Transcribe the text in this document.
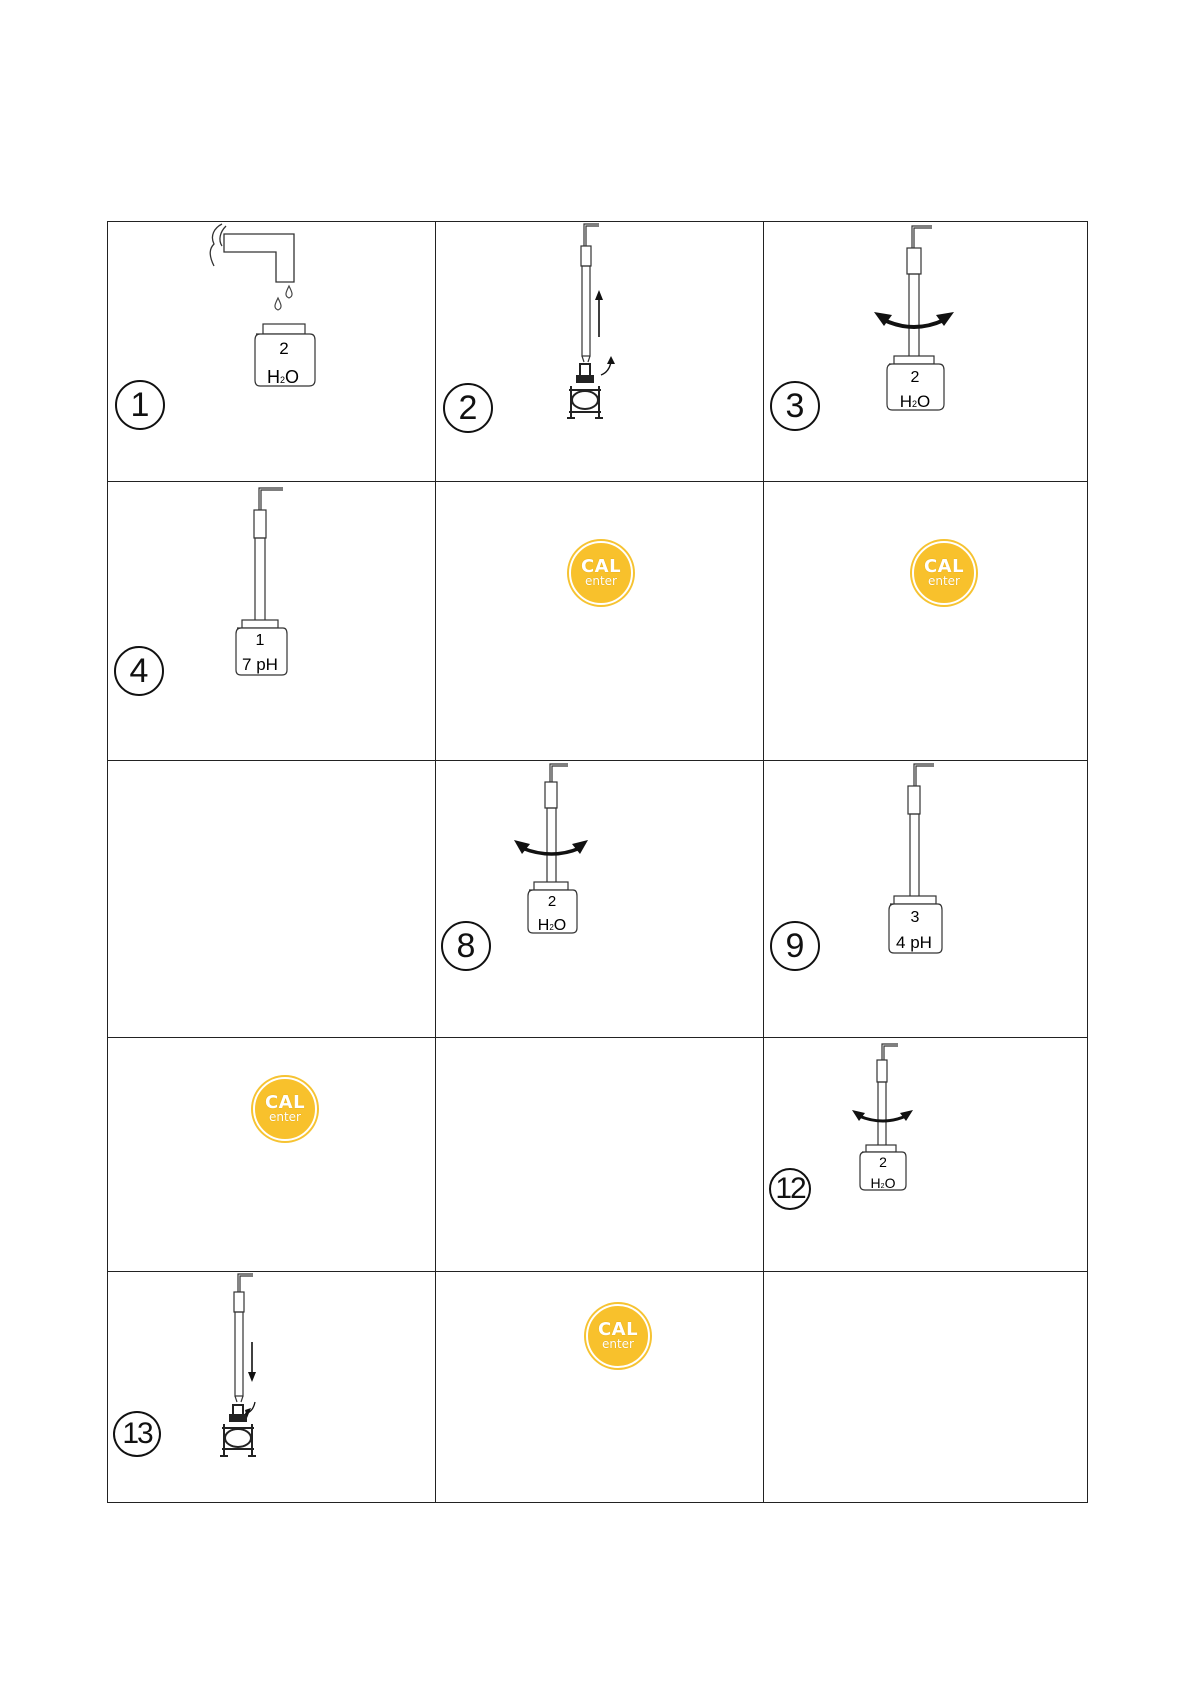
1
2
H2O
2	3
2
H2O
4
1
7 pH
CAL
enter
CAL
enter
8
2
H2O
9
3
4 pH
CAL
enter
12
2
H2O
13
CAL
enter
